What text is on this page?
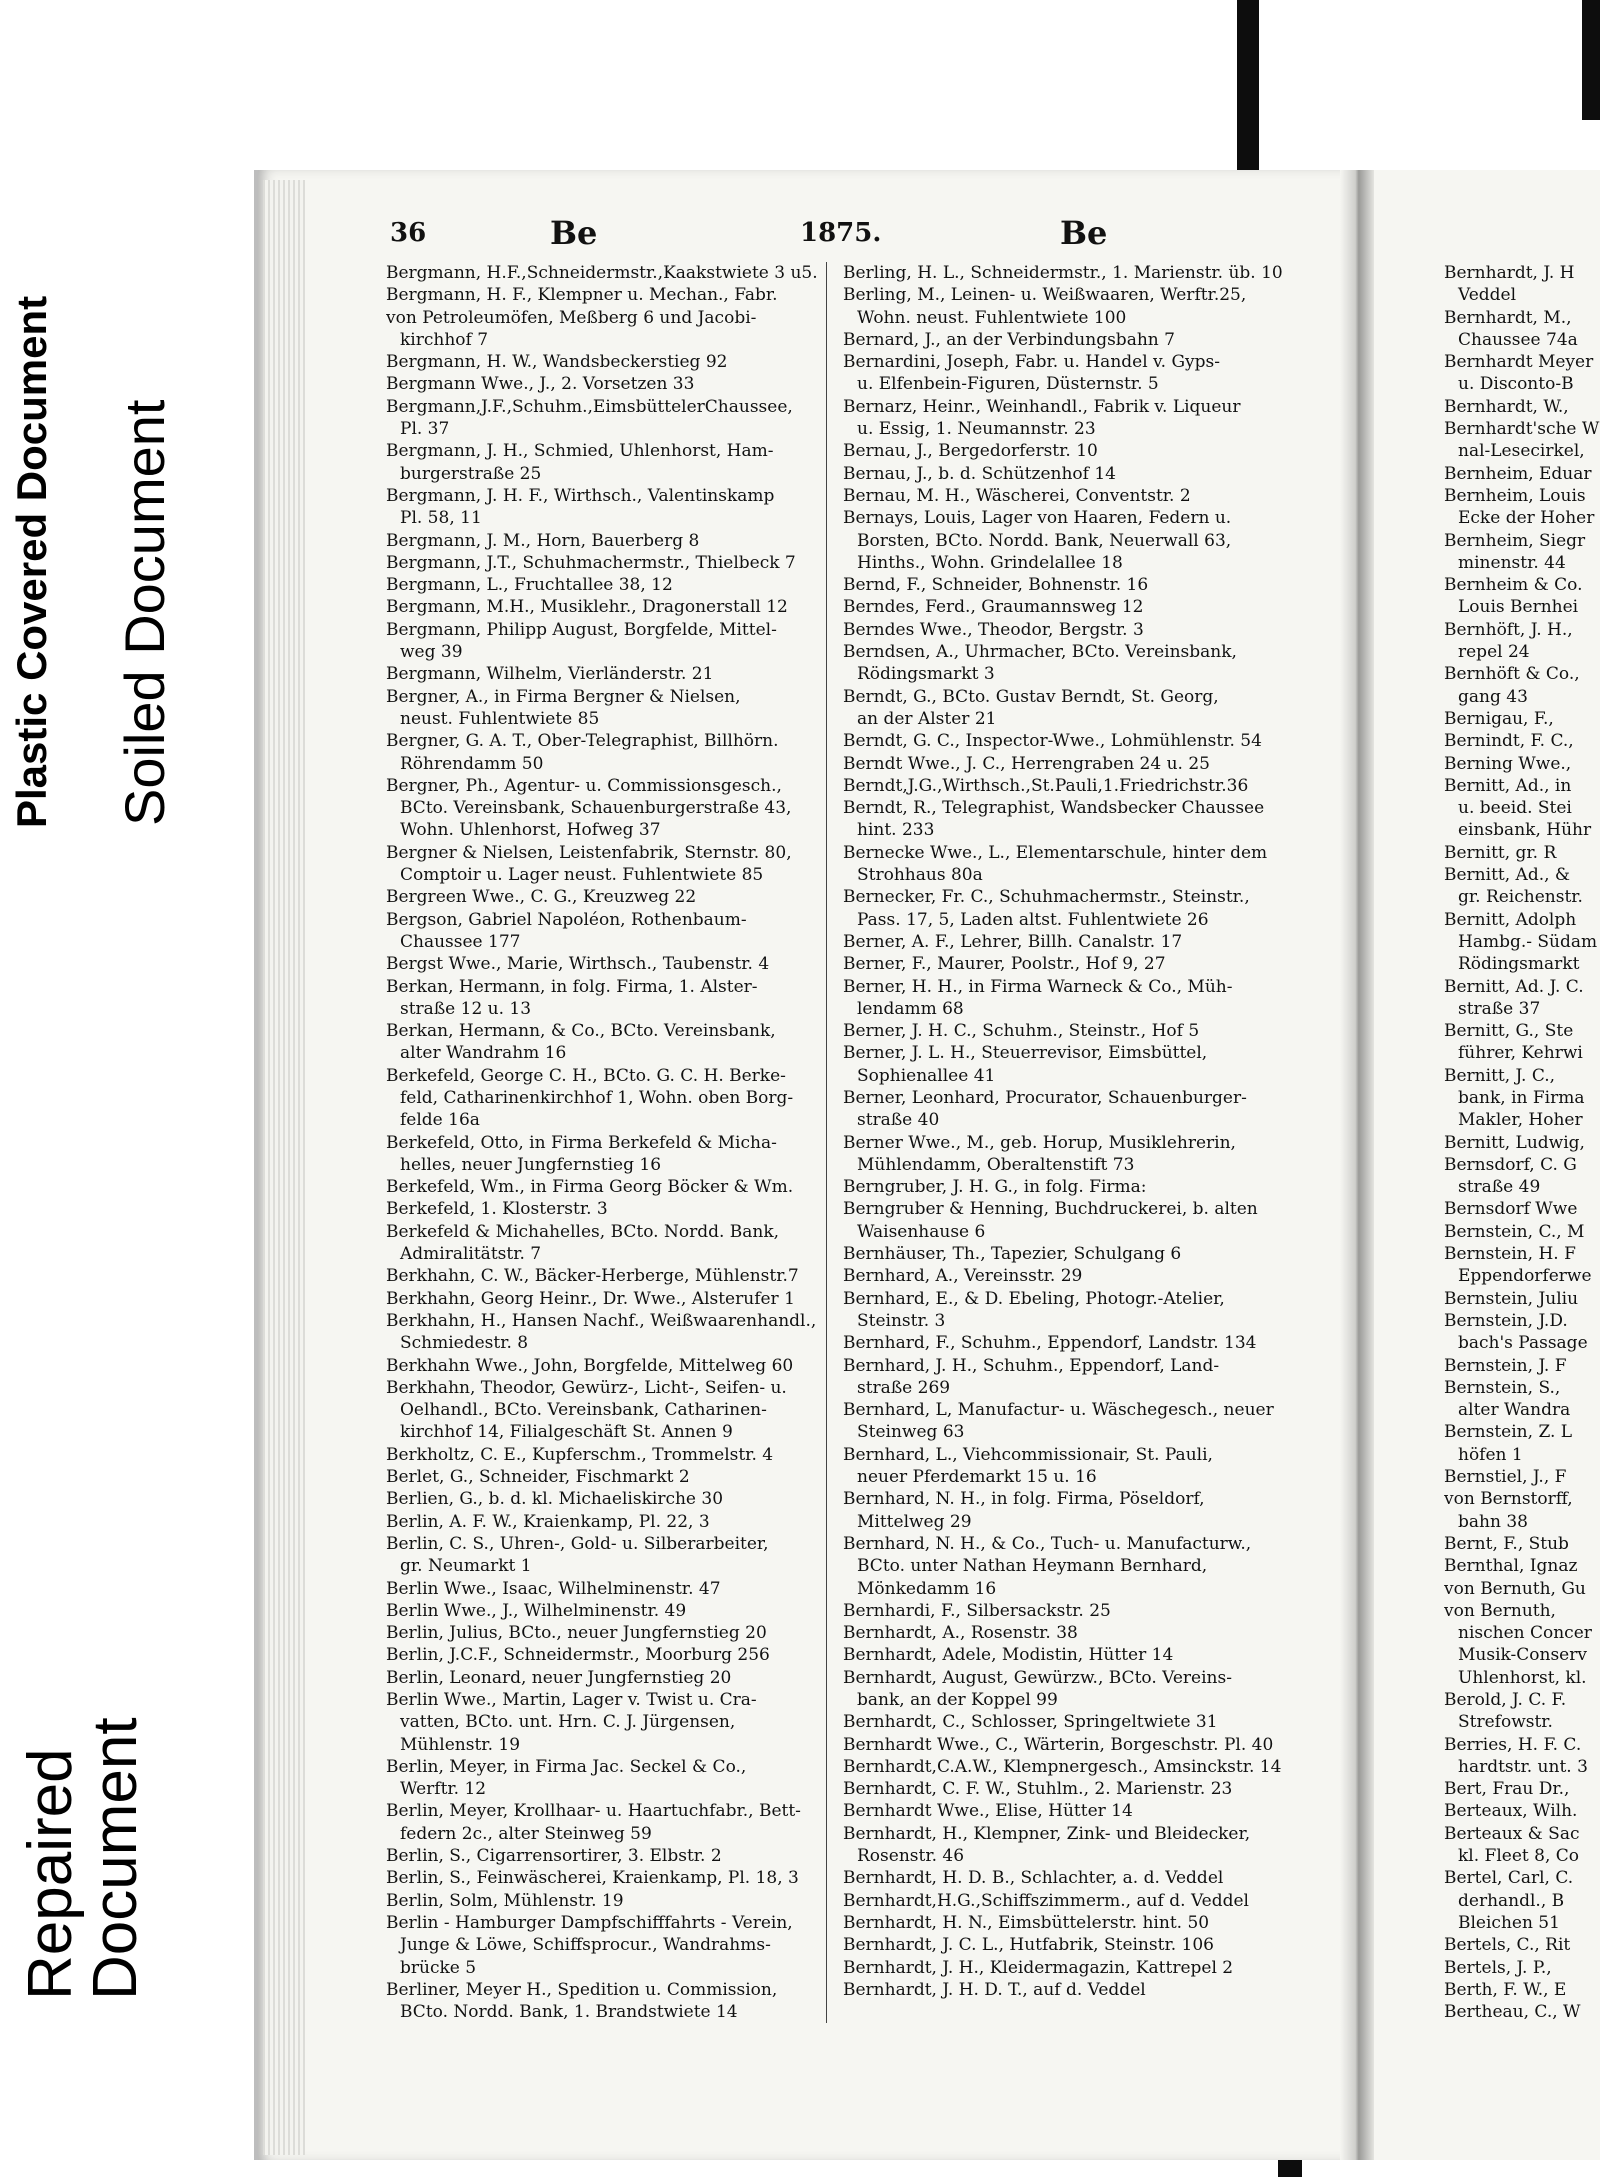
Plastic Covered Document Soiled Document
Repaired
Document
36	Be	1875.	Be
Bergmann, H.F.,Schneidermstr.,Kaakstwiete 3 u5.
Bergmann, H. F., Klempner u. Mechan., Fabr.
von Petroleumöfen, Meßberg 6 und Jacobi-
kirchhof 7
Bergmann, H. W., Wandsbeckerstieg 92
Bergmann Wwe., J., 2. Vorsetzen 33
Bergmann,J.F.,Schuhm.,EimsbüttelerChaussee,
Pl. 37
Bergmann, J. H., Schmied, Uhlenhorst, Ham-
burgerstraße 25
Bergmann, J. H. F., Wirthsch., Valentinskamp
Pl. 58, 11
Bergmann, J. M., Horn, Bauerberg 8
Bergmann, J.T., Schuhmachermstr., Thielbeck 7
Bergmann, L., Fruchtallee 38, 12
Bergmann, M.H., Musiklehr., Dragonerstall 12
Bergmann, Philipp August, Borgfelde, Mittel-
weg 39
Bergmann, Wilhelm, Vierländerstr. 21
Bergner, A., in Firma Bergner & Nielsen,
neust. Fuhlentwiete 85
Bergner, G. A. T., Ober-Telegraphist, Billhörn.
Röhrendamm 50
Bergner, Ph., Agentur- u. Commissionsgesch.,
BCto. Vereinsbank, Schauenburgerstraße 43,
Wohn. Uhlenhorst, Hofweg 37
Bergner & Nielsen, Leistenfabrik, Sternstr. 80,
Comptoir u. Lager neust. Fuhlentwiete 85
Bergreen Wwe., C. G., Kreuzweg 22
Bergson, Gabriel Napoléon, Rothenbaum-
Chaussee 177
Bergst Wwe., Marie, Wirthsch., Taubenstr. 4
Berkan, Hermann, in folg. Firma, 1. Alster-
straße 12 u. 13
Berkan, Hermann, & Co., BCto. Vereinsbank,
alter Wandrahm 16
Berkefeld, George C. H., BCto. G. C. H. Berke-
feld, Catharinenkirchhof 1, Wohn. oben Borg-
felde 16a
Berkefeld, Otto, in Firma Berkefeld & Micha-
helles, neuer Jungfernstieg 16
Berkefeld, Wm., in Firma Georg Böcker & Wm.
Berkefeld, 1. Klosterstr. 3
Berkefeld & Michahelles, BCto. Nordd. Bank,
Admiralitätstr. 7
Berkhahn, C. W., Bäcker-Herberge, Mühlenstr.7
Berkhahn, Georg Heinr., Dr. Wwe., Alsterufer 1
Berkhahn, H., Hansen Nachf., Weißwaarenhandl.,
Schmiedestr. 8
Berkhahn Wwe., John, Borgfelde, Mittelweg 60
Berkhahn, Theodor, Gewürz-, Licht-, Seifen- u.
Oelhandl., BCto. Vereinsbank, Catharinen-
kirchhof 14, Filialgeschäft St. Annen 9
Berkholtz, C. E., Kupferschm., Trommelstr. 4
Berlet, G., Schneider, Fischmarkt 2
Berlien, G., b. d. kl. Michaeliskirche 30
Berlin, A. F. W., Kraienkamp, Pl. 22, 3
Berlin, C. S., Uhren-, Gold- u. Silberarbeiter,
gr. Neumarkt 1
Berlin Wwe., Isaac, Wilhelminenstr. 47
Berlin Wwe., J., Wilhelminenstr. 49
Berlin, Julius, BCto., neuer Jungfernstieg 20
Berlin, J.C.F., Schneidermstr., Moorburg 256
Berlin, Leonard, neuer Jungfernstieg 20
Berlin Wwe., Martin, Lager v. Twist u. Cra-
vatten, BCto. unt. Hrn. C. J. Jürgensen,
Mühlenstr. 19
Berlin, Meyer, in Firma Jac. Seckel & Co.,
Werftr. 12
Berlin, Meyer, Krollhaar- u. Haartuchfabr., Bett-
federn 2c., alter Steinweg 59
Berlin, S., Cigarrensortirer, 3. Elbstr. 2
Berlin, S., Feinwäscherei, Kraienkamp, Pl. 18, 3
Berlin, Solm, Mühlenstr. 19
Berlin - Hamburger Dampfschifffahrts - Verein,
Junge & Löwe, Schiffsprocur., Wandrahms-
brücke 5
Berliner, Meyer H., Spedition u. Commission,
BCto. Nordd. Bank, 1. Brandstwiete 14
Berling, H. L., Schneidermstr., 1. Marienstr. üb. 10
Berling, M., Leinen- u. Weißwaaren, Werftr.25,
Wohn. neust. Fuhlentwiete 100
Bernard, J., an der Verbindungsbahn 7
Bernardini, Joseph, Fabr. u. Handel v. Gyps-
u. Elfenbein-Figuren, Düsternstr. 5
Bernarz, Heinr., Weinhandl., Fabrik v. Liqueur
u. Essig, 1. Neumannstr. 23
Bernau, J., Bergedorferstr. 10
Bernau, J., b. d. Schützenhof 14
Bernau, M. H., Wäscherei, Conventstr. 2
Bernays, Louis, Lager von Haaren, Federn u.
Borsten, BCto. Nordd. Bank, Neuerwall 63,
Hinths., Wohn. Grindelallee 18
Bernd, F., Schneider, Bohnenstr. 16
Berndes, Ferd., Graumannsweg 12
Berndes Wwe., Theodor, Bergstr. 3
Berndsen, A., Uhrmacher, BCto. Vereinsbank,
Rödingsmarkt 3
Berndt, G., BCto. Gustav Berndt, St. Georg,
an der Alster 21
Berndt, G. C., Inspector-Wwe., Lohmühlenstr. 54
Berndt Wwe., J. C., Herrengraben 24 u. 25
Berndt,J.G.,Wirthsch.,St.Pauli,1.Friedrichstr.36
Berndt, R., Telegraphist, Wandsbecker Chaussee
hint. 233
Bernecke Wwe., L., Elementarschule, hinter dem
Strohhaus 80a
Bernecker, Fr. C., Schuhmachermstr., Steinstr.,
Pass. 17, 5, Laden altst. Fuhlentwiete 26
Berner, A. F., Lehrer, Billh. Canalstr. 17
Berner, F., Maurer, Poolstr., Hof 9, 27
Berner, H. H., in Firma Warneck & Co., Müh-
lendamm 68
Berner, J. H. C., Schuhm., Steinstr., Hof 5
Berner, J. L. H., Steuerrevisor, Eimsbüttel,
Sophienallee 41
Berner, Leonhard, Procurator, Schauenburger-
straße 40
Berner Wwe., M., geb. Horup, Musiklehrerin,
Mühlendamm, Oberaltenstift 73
Berngruber, J. H. G., in folg. Firma:
Berngruber & Henning, Buchdruckerei, b. alten
Waisenhause 6
Bernhäuser, Th., Tapezier, Schulgang 6
Bernhard, A., Vereinsstr. 29
Bernhard, E., & D. Ebeling, Photogr.-Atelier,
Steinstr. 3
Bernhard, F., Schuhm., Eppendorf, Landstr. 134
Bernhard, J. H., Schuhm., Eppendorf, Land-
straße 269
Bernhard, L, Manufactur- u. Wäschegesch., neuer
Steinweg 63
Bernhard, L., Viehcommissionair, St. Pauli,
neuer Pferdemarkt 15 u. 16
Bernhard, N. H., in folg. Firma, Pöseldorf,
Mittelweg 29
Bernhard, N. H., & Co., Tuch- u. Manufacturw.,
BCto. unter Nathan Heymann Bernhard,
Mönkedamm 16
Bernhardi, F., Silbersackstr. 25
Bernhardt, A., Rosenstr. 38
Bernhardt, Adele, Modistin, Hütter 14
Bernhardt, August, Gewürzw., BCto. Vereins-
bank, an der Koppel 99
Bernhardt, C., Schlosser, Springeltwiete 31
Bernhardt Wwe., C., Wärterin, Borgeschstr. Pl. 40
Bernhardt,C.A.W., Klempnergesch., Amsinckstr. 14
Bernhardt, C. F. W., Stuhlm., 2. Marienstr. 23
Bernhardt Wwe., Elise, Hütter 14
Bernhardt, H., Klempner, Zink- und Bleidecker,
Rosenstr. 46
Bernhardt, H. D. B., Schlachter, a. d. Veddel
Bernhardt,H.G.,Schiffszimmerm., auf d. Veddel
Bernhardt, H. N., Eimsbüttelerstr. hint. 50
Bernhardt, J. C. L., Hutfabrik, Steinstr. 106
Bernhardt, J. H., Kleidermagazin, Kattrepel 2
Bernhardt, J. H. D. T., auf d. Veddel
Bernhardt, J. H
Veddel
Bernhardt, M.,
Chaussee 74a
Bernhardt Meyer
u. Disconto-B
Bernhardt, W.,
Bernhardt'sche W
nal-Lesecirkel,
Bernheim, Eduar
Bernheim, Louis
Ecke der Hoher
Bernheim, Siegr
minenstr. 44
Bernheim & Co.
Louis Bernhei
Bernhöft, J. H.,
repel 24
Bernhöft & Co.,
gang 43
Bernigau, F.,
Bernindt, F. C.,
Berning Wwe.,
Bernitt, Ad., in
u. beeid. Stei
einsbank, Hühr
Bernitt, gr. R
Bernitt, Ad., &
gr. Reichenstr.
Bernitt, Adolph
Hambg.- Südam
Rödingsmarkt
Bernitt, Ad. J. C.
straße 37
Bernitt, G., Ste
führer, Kehrwi
Bernitt, J. C.,
bank, in Firma
Makler, Hoher
Bernitt, Ludwig,
Bernsdorf, C. G
straße 49
Bernsdorf Wwe
Bernstein, C., M
Bernstein, H. F
Eppendorferwe
Bernstein, Juliu
Bernstein, J.D.
bach's Passage
Bernstein, J. F
Bernstein, S.,
alter Wandra
Bernstein, Z. L
höfen 1
Bernstiel, J., F
von Bernstorff,
bahn 38
Bernt, F., Stub
Bernthal, Ignaz
von Bernuth, Gu
von Bernuth,
nischen Concer
Musik-Conserv
Uhlenhorst, kl.
Berold, J. C. F.
Strefowstr.
Berries, H. F. C.
hardtstr. unt. 3
Bert, Frau Dr.,
Berteaux, Wilh.
Berteaux & Sac
kl. Fleet 8, Co
Bertel, Carl, C.
derhandl., B
Bleichen 51
Bertels, C., Rit
Bertels, J. P.,
Berth, F. W., E
Bertheau, C., W
